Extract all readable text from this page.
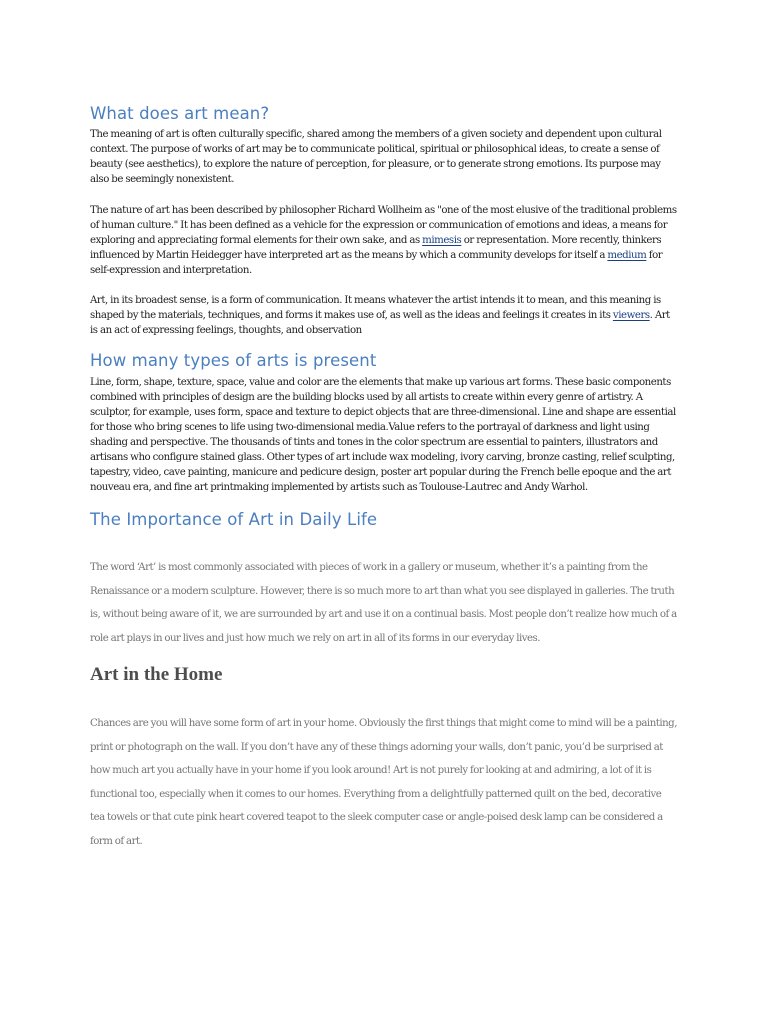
What does art mean?

The meaning of art is often culturally specific, shared among the members of a given society and dependent upon cultural context. The purpose of works of art may be to communicate political, spiritual or philosophical ideas, to create a sense of beauty (see aesthetics), to explore the nature of perception, for pleasure, or to generate strong emotions. Its purpose may also be seemingly nonexistent.

The nature of art has been described by philosopher Richard Wollheim as "one of the most elusive of the traditional problems of human culture." It has been defined as a vehicle for the expression or communication of emotions and ideas, a means for exploring and appreciating formal elements for their own sake, and as mimesis or representation. More recently, thinkers influenced by Martin Heidegger have interpreted art as the means by which a community develops for itself a medium for self-expression and interpretation.

Art, in its broadest sense, is a form of communication. It means whatever the artist intends it to mean, and this meaning is shaped by the materials, techniques, and forms it makes use of, as well as the ideas and feelings it creates in its viewers. Art is an act of expressing feelings, thoughts, and observation

How many types of arts is present

Line, form, shape, texture, space, value and color are the elements that make up various art forms. These basic components combined with principles of design are the building blocks used by all artists to create within every genre of artistry. A sculptor, for example, uses form, space and texture to depict objects that are three-dimensional. Line and shape are essential for those who bring scenes to life using two-dimensional media.Value refers to the portrayal of darkness and light using shading and perspective. The thousands of tints and tones in the color spectrum are essential to painters, illustrators and artisans who configure stained glass. Other types of art include wax modeling, ivory carving, bronze casting, relief sculpting, tapestry, video, cave painting, manicure and pedicure design, poster art popular during the French belle epoque and the art nouveau era, and fine art printmaking implemented by artists such as Toulouse-Lautrec and Andy Warhol.

The Importance of Art in Daily Life

The word ‘Art’ is most commonly associated with pieces of work in a gallery or museum, whether it’s a painting from the Renaissance or a modern sculpture. However, there is so much more to art than what you see displayed in galleries. The truth is, without being aware of it, we are surrounded by art and use it on a continual basis. Most people don’t realize how much of a role art plays in our lives and just how much we rely on art in all of its forms in our everyday lives.

Art in the Home

Chances are you will have some form of art in your home. Obviously the first things that might come to mind will be a painting, print or photograph on the wall. If you don’t have any of these things adorning your walls, don’t panic, you’d be surprised at how much art you actually have in your home if you look around! Art is not purely for looking at and admiring, a lot of it is functional too, especially when it comes to our homes. Everything from a delightfully patterned quilt on the bed, decorative tea towels or that cute pink heart covered teapot to the sleek computer case or angle-poised desk lamp can be considered a form of art.
